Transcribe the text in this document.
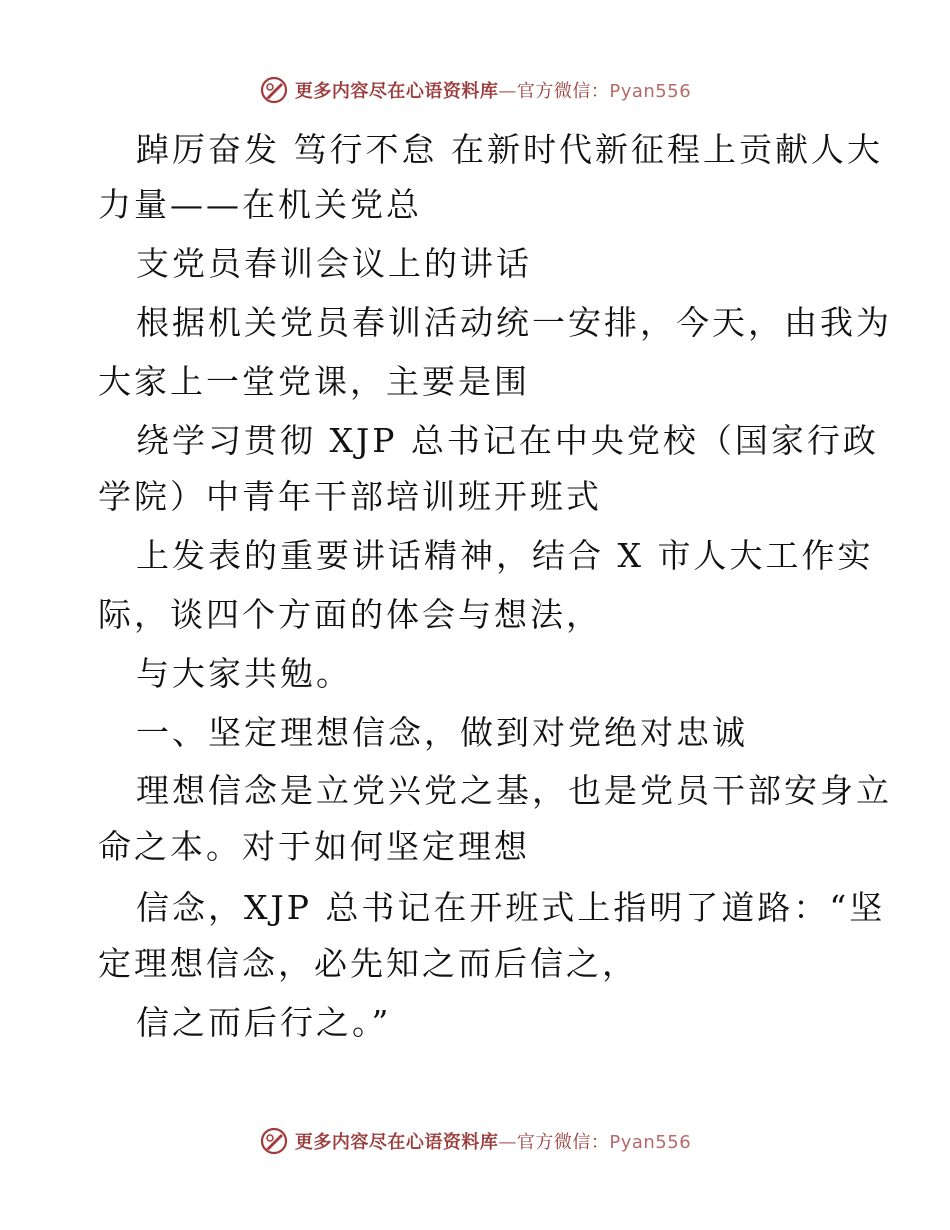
更多内容尽在心语资料库—官方微信：Pyan556
踔厉奋发 笃行不怠 在新时代新征程上贡献人大
力量——在机关党总
支党员春训会议上的讲话
根据机关党员春训活动统一安排，今天，由我为
大家上一堂党课，主要是围
绕学习贯彻 XJP 总书记在中央党校（国家行政
学院）中青年干部培训班开班式
上发表的重要讲话精神，结合 X 市人大工作实
际，谈四个方面的体会与想法，
与大家共勉。
一、坚定理想信念，做到对党绝对忠诚
理想信念是立党兴党之基，也是党员干部安身立
命之本。对于如何坚定理想
信念，XJP 总书记在开班式上指明了道路：“坚
定理想信念，必先知之而后信之，
信之而后行之。”
更多内容尽在心语资料库—官方微信：Pyan556
